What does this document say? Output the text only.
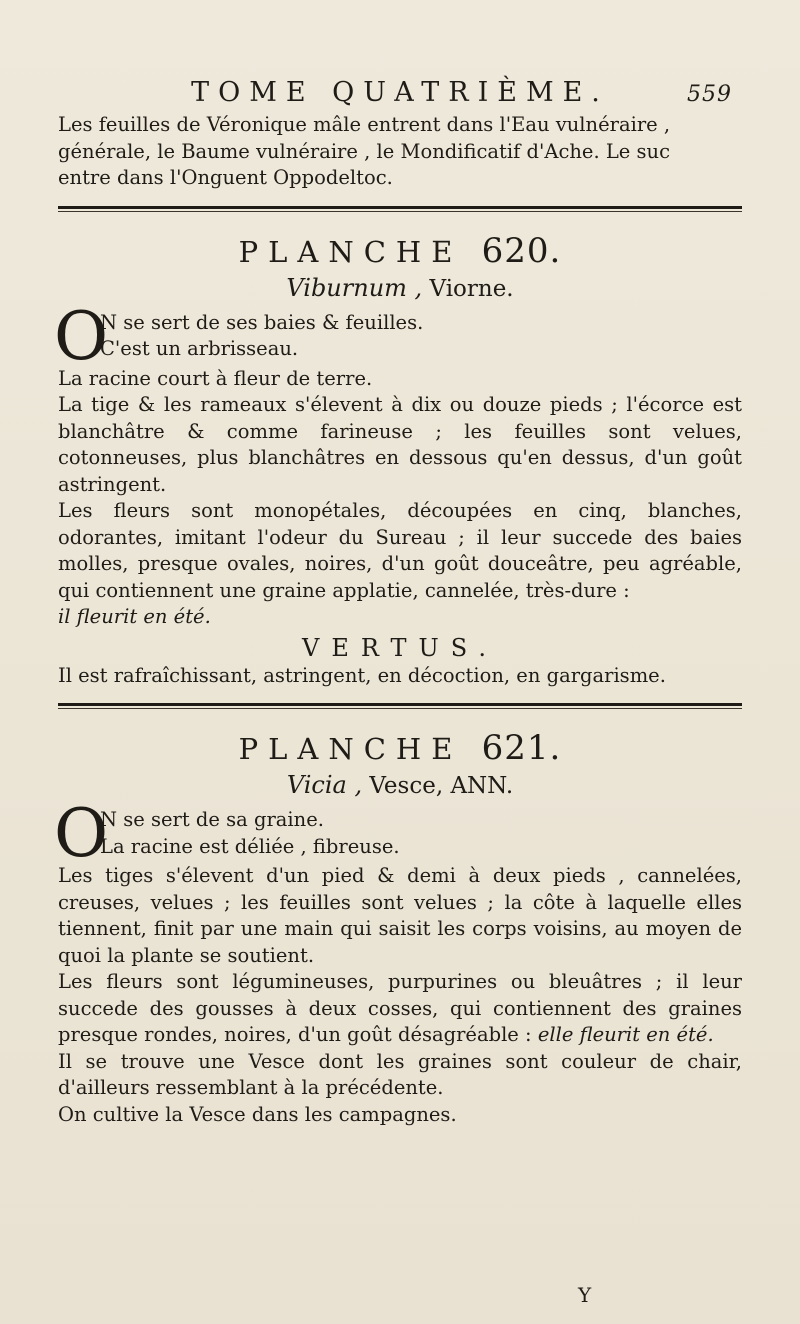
TOME QUATRIÈME.	559

Les feuilles de Véronique mâle entrent dans l'Eau vulnéraire ,

générale, le Baume vulnéraire , le Mondificatif d'Ache. Le suc

entre dans l'Onguent Oppodeltoc.

PLANCHE 620.
Viburnum , Viorne.
O

N se sert de ses baies & feuilles.

C'est un arbrisseau.

La racine court à fleur de terre.

La tige & les rameaux s'élevent à dix ou douze pieds ; l'écorce est blanchâtre & comme farineuse ; les feuilles sont velues, cotonneuses, plus blanchâtres en dessous qu'en dessus, d'un goût astringent.

Les fleurs sont monopétales, découpées en cinq, blanches, odorantes, imitant l'odeur du Sureau ; il leur succede des baies molles, presque ovales, noires, d'un goût douceâtre, peu agréable, qui contiennent une graine applatie, cannelée, très-dure :
il fleurit en été.

VERTUS.

Il est rafraîchissant, astringent, en décoction, en gargarisme.

PLANCHE 621.
Vicia , Vesce, ANN.
O

N se sert de sa graine.

La racine est déliée , fibreuse.

Les tiges s'élevent d'un pied & demi à deux pieds , cannelées, creuses, velues ; les feuilles sont velues ; la côte à laquelle elles tiennent, finit par une main qui saisit les corps voisins, au moyen de quoi la plante se soutient.

Les fleurs sont légumineuses, purpurines ou bleuâtres ; il leur succede des gousses à deux cosses, qui contiennent des graines presque rondes, noires, d'un goût désagréable : elle fleurit en été.

Il se trouve une Vesce dont les graines sont couleur de chair, d'ailleurs ressemblant à la précédente.

On cultive la Vesce dans les campagnes.

Y
